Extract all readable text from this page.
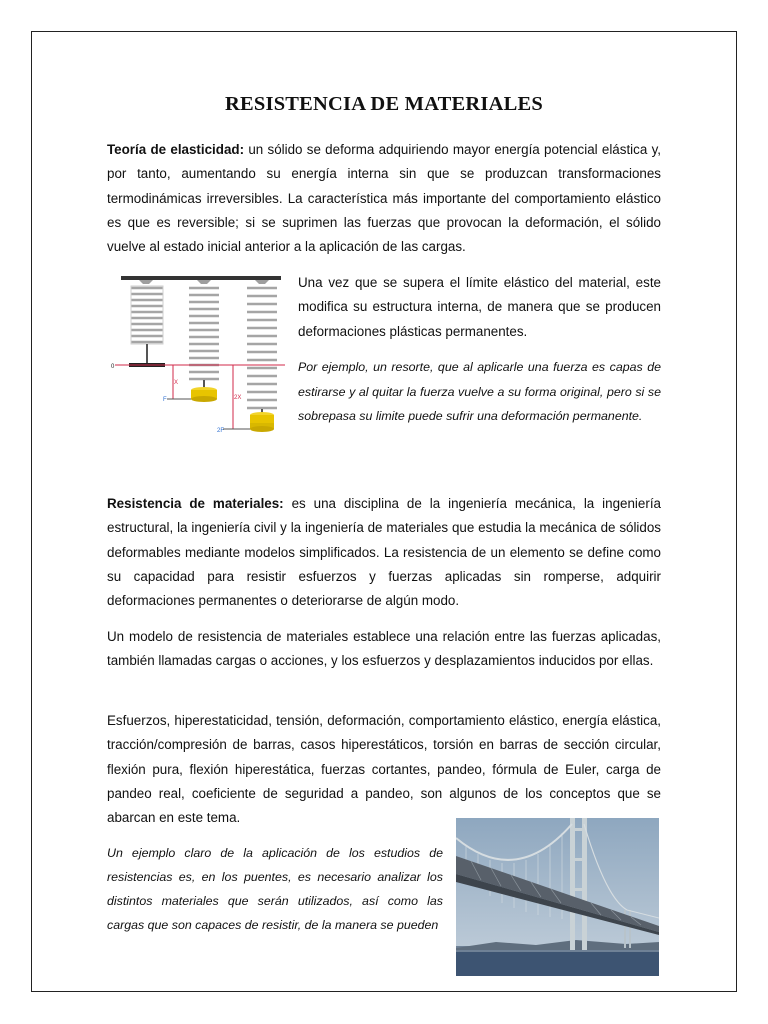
RESISTENCIA DE MATERIALES

Teoría de elasticidad: un sólido se deforma adquiriendo mayor energía potencial elástica y, por tanto, aumentando su energía interna sin que se produzcan transformaciones termodinámicas irreversibles. La característica más importante del comportamiento elástico es que es reversible; si se suprimen las fuerzas que provocan la deformación, el sólido vuelve al estado inicial anterior a la aplicación de las cargas.

0
X
F	2X
2F

Una vez que se supera el límite elástico del material, este modifica su estructura interna, de manera que se producen deformaciones plásticas permanentes.

Por ejemplo, un resorte, que al aplicarle una fuerza es capas de estirarse y al quitar la fuerza vuelve a su forma original, pero si se sobrepasa su limite puede sufrir una deformación permanente.

Resistencia de materiales: es una disciplina de la ingeniería mecánica, la ingeniería estructural, la ingeniería civil y la ingeniería de materiales que estudia la mecánica de sólidos deformables mediante modelos simplificados. La resistencia de un elemento se define como su capacidad para resistir esfuerzos y fuerzas aplicadas sin romperse, adquirir deformaciones permanentes o deteriorarse de algún modo.

Un modelo de resistencia de materiales establece una relación entre las fuerzas aplicadas, también llamadas cargas o acciones, y los esfuerzos y desplazamientos inducidos por ellas.

Esfuerzos, hiperestaticidad, tensión, deformación, comportamiento elástico, energía elástica, tracción/compresión de barras, casos hiperestáticos, torsión en barras de sección circular, flexión pura, flexión hiperestática, fuerzas cortantes, pandeo, fórmula de Euler, carga de pandeo real, coeficiente de seguridad a pandeo, son algunos de los conceptos que se abarcan en este tema.

Un ejemplo claro de la aplicación de los estudios de resistencias es, en los puentes, es necesario analizar los distintos materiales que serán utilizados, así como las cargas que son capaces de resistir, de la manera se pueden
